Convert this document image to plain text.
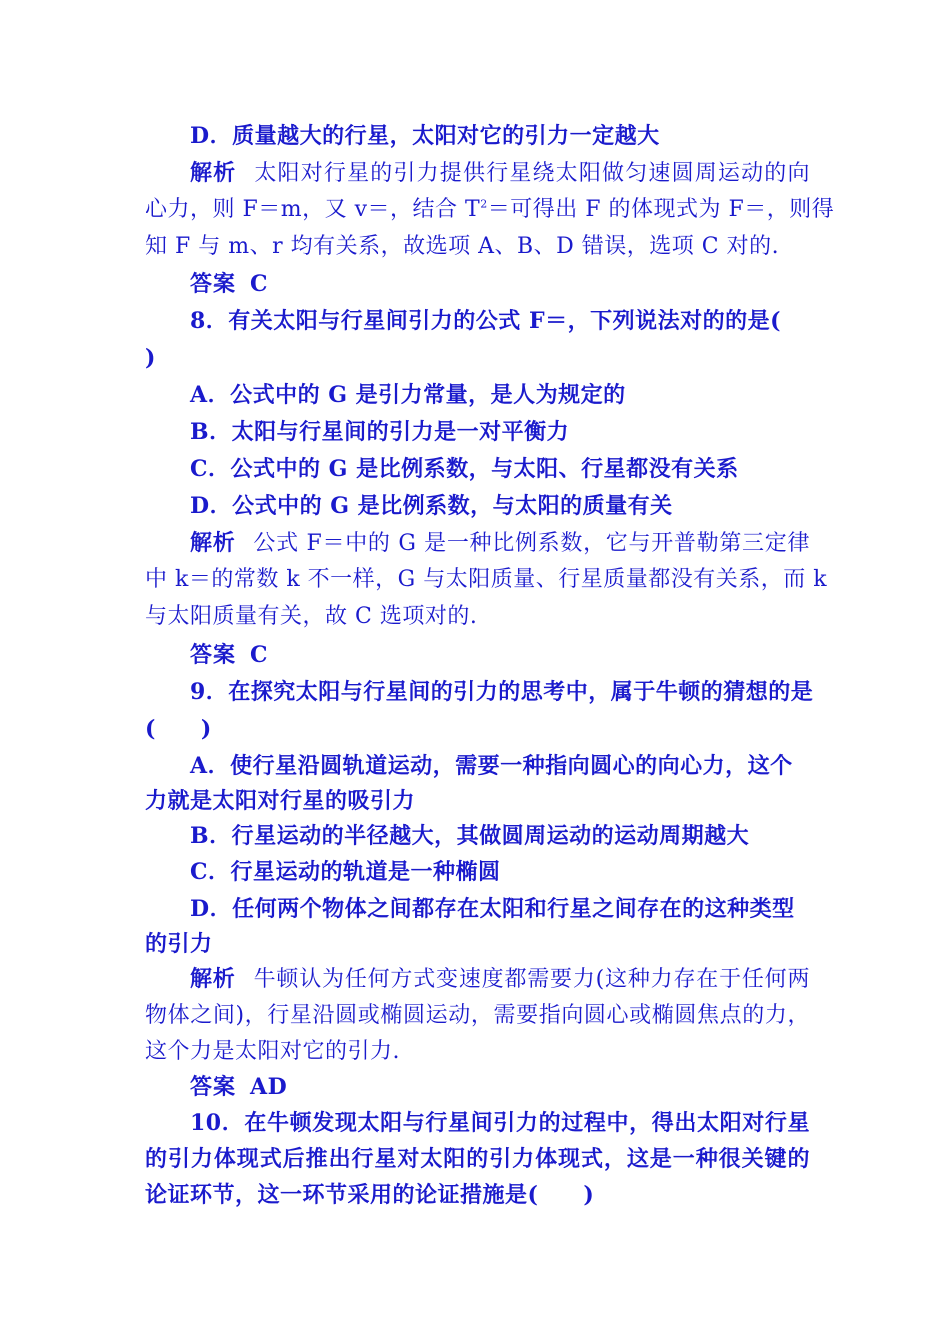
D．质量越大的行星，太阳对它的引力一定越大
解析 太阳对行星的引力提供行星绕太阳做匀速圆周运动的向
心力，则 F＝m，又 v＝，结合 $T^2=$可得出 F 的体现式为 F＝，则得
知 F 与 m、r 均有关系，故选项 A、B、D 错误，选项 C 对的.
答案 C
8．有关太阳与行星间引力的公式 F＝，下列说法对的的是(
)
A．公式中的 G 是引力常量，是人为规定的
B．太阳与行星间的引力是一对平衡力
C．公式中的 G 是比例系数，与太阳、行星都没有关系
D．公式中的 G 是比例系数，与太阳的质量有关
解析 公式 F＝中的 G 是一种比例系数，它与开普勒第三定律
中 k＝的常数 k 不一样，G 与太阳质量、行星质量都没有关系，而 k
与太阳质量有关，故 C 选项对的.
答案 C
9．在探究太阳与行星间的引力的思考中，属于牛顿的猜想的是
(　　)
A．使行星沿圆轨道运动，需要一种指向圆心的向心力，这个
力就是太阳对行星的吸引力
B．行星运动的半径越大，其做圆周运动的运动周期越大
C．行星运动的轨道是一种椭圆
D．任何两个物体之间都存在太阳和行星之间存在的这种类型
的引力
解析 牛顿认为任何方式变速度都需要力(这种力存在于任何两
物体之间)，行星沿圆或椭圆运动，需要指向圆心或椭圆焦点的力，
这个力是太阳对它的引力.
答案 AD
10．在牛顿发现太阳与行星间引力的过程中，得出太阳对行星
的引力体现式后推出行星对太阳的引力体现式，这是一种很关键的
论证环节，这一环节采用的论证措施是(　　)
